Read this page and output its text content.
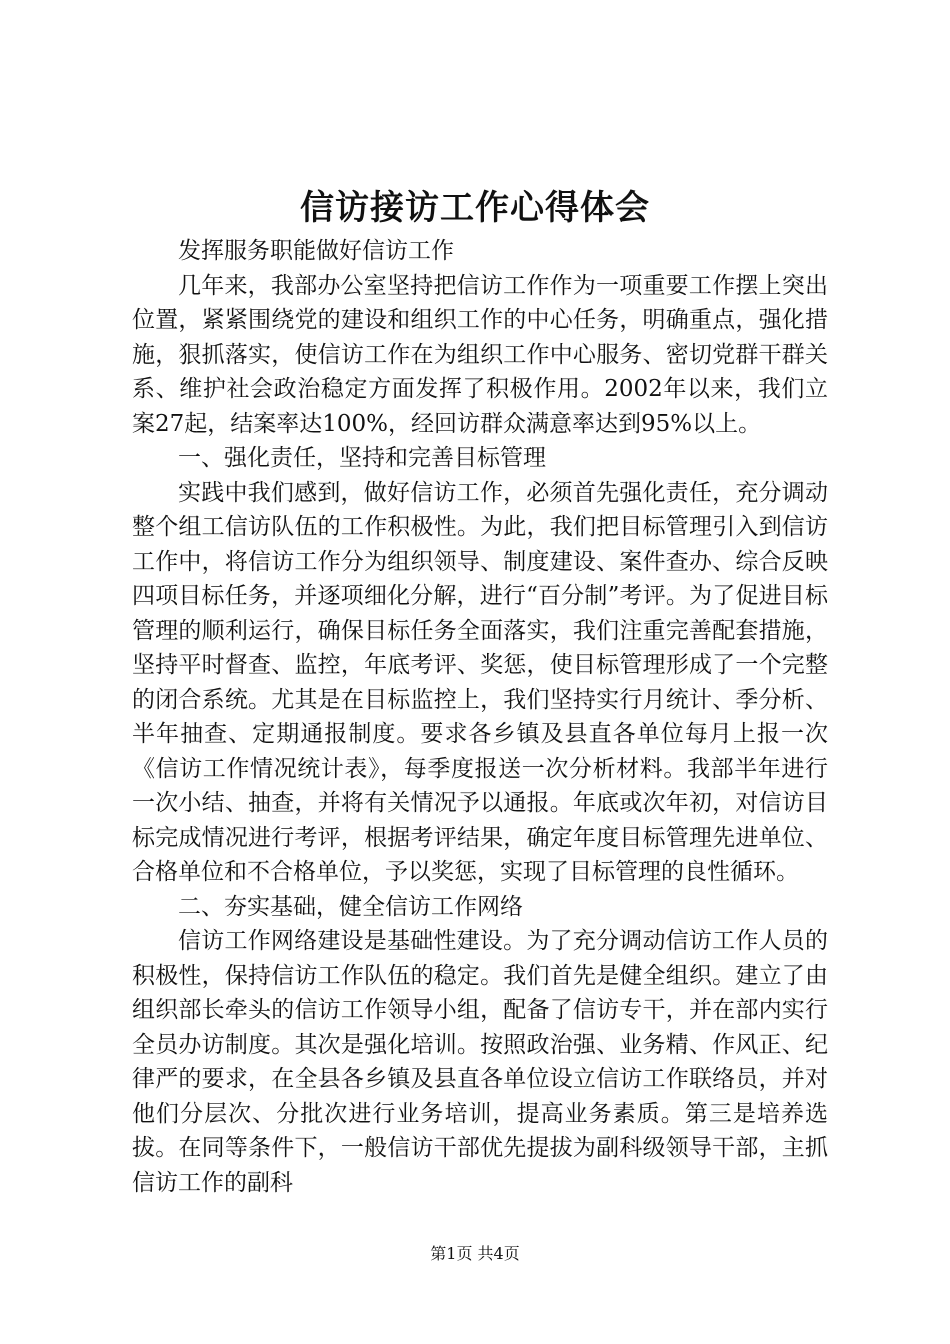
信访接访工作心得体会

发挥服务职能做好信访工作

几年来，我部办公室坚持把信访工作作为一项重要工作摆上突出位置，紧紧围绕党的建设和组织工作的中心任务，明确重点，强化措施，狠抓落实，使信访工作在为组织工作中心服务、密切党群干群关系、维护社会政治稳定方面发挥了积极作用。2002年以来，我们立案27起，结案率达100%，经回访群众满意率达到95%以上。

一、强化责任，坚持和完善目标管理

实践中我们感到，做好信访工作，必须首先强化责任，充分调动整个组工信访队伍的工作积极性。为此，我们把目标管理引入到信访工作中，将信访工作分为组织领导、制度建设、案件查办、综合反映四项目标任务，并逐项细化分解，进行“百分制”考评。为了促进目标管理的顺利运行，确保目标任务全面落实，我们注重完善配套措施，坚持平时督查、监控，年底考评、奖惩，使目标管理形成了一个完整的闭合系统。尤其是在目标监控上，我们坚持实行月统计、季分析、半年抽查、定期通报制度。要求各乡镇及县直各单位每月上报一次《信访工作情况统计表》，每季度报送一次分析材料。我部半年进行一次小结、抽查，并将有关情况予以通报。年底或次年初，对信访目标完成情况进行考评，根据考评结果，确定年度目标管理先进单位、合格单位和不合格单位，予以奖惩，实现了目标管理的良性循环。

二、夯实基础，健全信访工作网络

信访工作网络建设是基础性建设。为了充分调动信访工作人员的积极性，保持信访工作队伍的稳定。我们首先是健全组织。建立了由组织部长牵头的信访工作领导小组，配备了信访专干，并在部内实行全员办访制度。其次是强化培训。按照政治强、业务精、作风正、纪律严的要求，在全县各乡镇及县直各单位设立信访工作联络员，并对他们分层次、分批次进行业务培训，提高业务素质。第三是培养选拔。在同等条件下，一般信访干部优先提拔为副科级领导干部，主抓信访工作的副科

第1页 共4页
